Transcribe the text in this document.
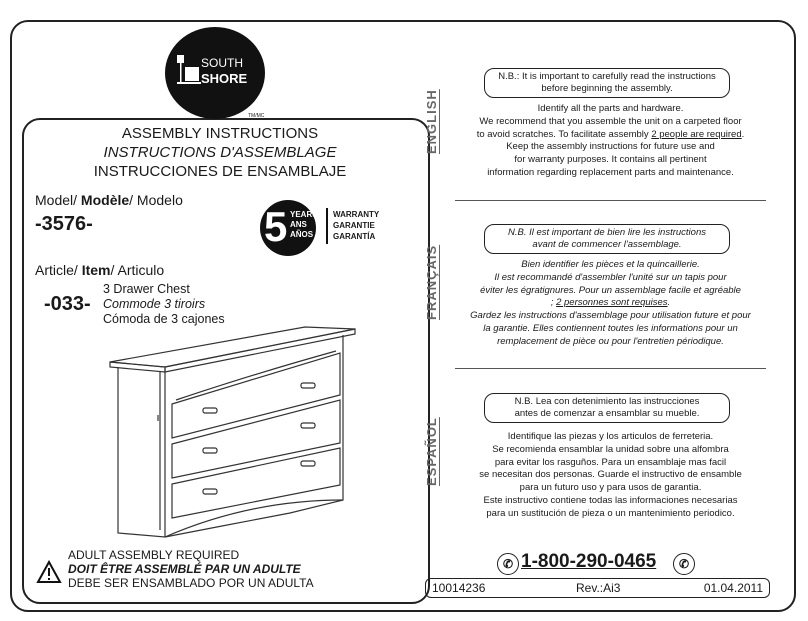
SOUTH
SHORE
TM/MC
ASSEMBLY INSTRUCTIONS
INSTRUCTIONS D'ASSEMBLAGE
INSTRUCCIONES DE ENSAMBLAJE
Model/ Modèle/ Modelo
-3576-	5 YEARS
ANS
AÑOS
WARRANTY
GARANTIE
GARANTÍA
Article/ Item/ Articulo
-033-
3 Drawer Chest
Commode 3 tiroirs
Cómoda de 3 cajones
ADULT ASSEMBLY REQUIRED
DOIT ÊTRE ASSEMBLÉ PAR UN ADULTE
DEBE SER ENSAMBLADO POR UN ADULTA
ENGLISH
FRANÇAIS
ESPAÑOL
N.B.: It is important to carefully read the instructions
before beginning the assembly.
Identify all the parts and hardware.
We recommend that you assemble the unit on a carpeted floor
to avoid scratches. To facilitate assembly 2 people are required.
Keep the assembly instructions for future use and
for warranty purposes. It contains all pertinent
information regarding replacement parts and maintenance.
N.B. Il est important de bien lire les instructions
avant de commencer l'assemblage.
Bien identifier les pièces et la quincaillerie.
Il est recommandé d'assembler l'unité sur un tapis pour
éviter les égratignures. Pour un assemblage facile et agréable
; 2 personnes sont requises.
Gardez les instructions d'assemblage pour utilisation future et pour
la garantie. Elles contiennent toutes les informations pour un
remplacement de pièce ou pour l'entretien périodique.
N.B. Lea con detenimiento las instrucciones
antes de comenzar a ensamblar su mueble.
Identifique las piezas y los articulos de ferreteria.
Se recomienda ensamblar la unidad sobre una alfombra
para evitar los rasguños. Para un ensamblaje mas facil
se necesitan dos personas. Guarde el instructivo de ensamble
para un futuro uso y para usos de garantia.
Este instructivo contiene todas las informaciones necesarias
para un sustitución de pieza o un mantenimiento periodico.
✆ 1-800-290-0465	✆
10014236	Rev.:Ai3	01.04.2011
